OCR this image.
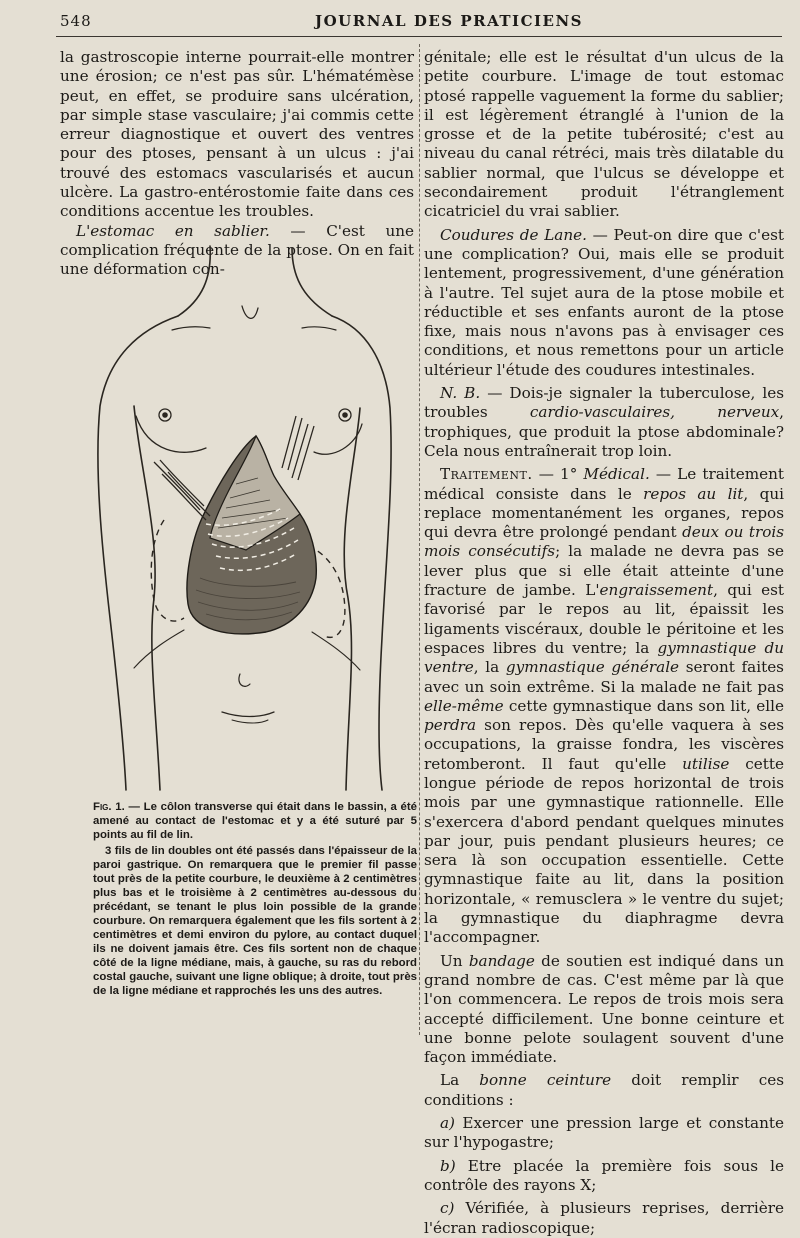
548	JOURNAL DES PRATICIENS

la gastroscopie interne pourrait-elle montrer une érosion; ce n'est pas sûr. L'hématémèse peut, en effet, se produire sans ulcération, par simple stase vasculaire; j'ai commis cette erreur diagnostique et ouvert des ventres pour des ptoses, pensant à un ulcus : j'ai trouvé des estomacs vascularisés et aucun ulcère. La gastro-entérostomie faite dans ces conditions accentue les troubles.

L'estomac en sablier. — C'est une complication fréquente de la ptose. On en fait une déformation con-

Fig. 1. — Le côlon transverse qui était dans le bassin, a été amené au contact de l'estomac et y a été suturé par 5 points au fil de lin.

3 fils de lin doubles ont été passés dans l'épaisseur de la paroi gastrique. On remarquera que le premier fil passe tout près de la petite courbure, le deuxième à 2 centimètres plus bas et le troisième à 2 centimètres au-dessous du précédant, se tenant le plus loin possible de la grande courbure. On remarquera également que les fils sortent à 2 centimètres et demi environ du pylore, au contact duquel ils ne doivent jamais être. Ces fils sortent non de chaque côté de la ligne médiane, mais, à gauche, su ras du rebord costal gauche, suivant une ligne oblique; à droite, tout près de la ligne médiane et rapprochés les uns des autres.

génitale; elle est le résultat d'un ulcus de la petite courbure. L'image de tout estomac ptosé rappelle vaguement la forme du sablier; il est légèrement étranglé à l'union de la grosse et de la petite tubérosité; c'est au niveau du canal rétréci, mais très dilatable du sablier normal, que l'ulcus se développe et secondairement produit l'étranglement cicatriciel du vrai sablier.

Coudures de Lane. — Peut-on dire que c'est une complication? Oui, mais elle se produit lentement, progressivement, d'une génération à l'autre. Tel sujet aura de la ptose mobile et réductible et ses enfants auront de la ptose fixe, mais nous n'avons pas à envisager ces conditions, et nous remettons pour un article ultérieur l'étude des coudures intestinales.

N. B. — Dois-je signaler la tuberculose, les troubles cardio-vasculaires, nerveux, trophiques, que produit la ptose abdominale? Cela nous entraînerait trop loin.

Traitement. — 1° Médical. — Le traitement médical consiste dans le repos au lit, qui replace momentanément les organes, repos qui devra être prolongé pendant deux ou trois mois consécutifs; la malade ne devra pas se lever plus que si elle était atteinte d'une fracture de jambe. L'engraissement, qui est favorisé par le repos au lit, épaissit les ligaments viscéraux, double le péritoine et les espaces libres du ventre; la gymnastique du ventre, la gymnastique générale seront faites avec un soin extrême. Si la malade ne fait pas elle-même cette gymnastique dans son lit, elle perdra son repos. Dès qu'elle vaquera à ses occupations, la graisse fondra, les viscères retomberont. Il faut qu'elle utilise cette longue période de repos horizontal de trois mois par une gymnastique rationnelle. Elle s'exercera d'abord pendant quelques minutes par jour, puis pendant plusieurs heures; ce sera là son occupation essentielle. Cette gymnastique faite au lit, dans la position horizontale, « remusclera » le ventre du sujet; la gymnastique du diaphragme devra l'accompagner.

Un bandage de soutien est indiqué dans un grand nombre de cas. C'est même par là que l'on commencera. Le repos de trois mois sera accepté difficilement. Une bonne ceinture et une bonne pelote soulagent souvent d'une façon immédiate.

La bonne ceinture doit remplir ces conditions :

a) Exercer une pression large et constante sur l'hypogastre;

b) Etre placée la première fois sous le contrôle des rayons X;

c) Vérifiée, à plusieurs reprises, derrière l'écran radioscopique;
